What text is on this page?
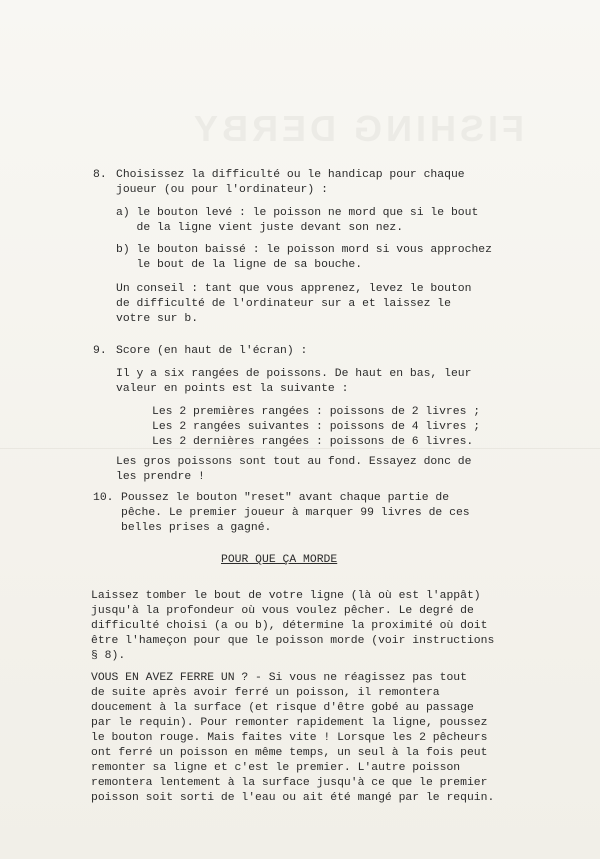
FISHING DERBY
8. Choisissez la difficulté ou le handicap pour chaque
joueur (ou pour l'ordinateur) :
a) le bouton levé : le poisson ne mord que si le bout
de la ligne vient juste devant son nez.
b) le bouton baissé : le poisson mord si vous approchez
le bout de la ligne de sa bouche.
Un conseil : tant que vous apprenez, levez le bouton
de difficulté de l'ordinateur sur a et laissez le
votre sur b.
9. Score (en haut de l'écran) :
Il y a six rangées de poissons. De haut en bas, leur
valeur en points est la suivante :
Les 2 premières rangées : poissons de 2 livres ;
Les 2 rangées suivantes : poissons de 4 livres ;
Les 2 dernières rangées : poissons de 6 livres.
Les gros poissons sont tout au fond. Essayez donc de
les prendre !
10. Poussez le bouton "reset" avant chaque partie de
pêche. Le premier joueur à marquer 99 livres de ces
belles prises a gagné.
POUR QUE ÇA MORDE
Laissez tomber le bout de votre ligne (là où est l'appât)
jusqu'à la profondeur où vous voulez pêcher. Le degré de
difficulté choisi (a ou b), détermine la proximité où doit
être l'hameçon pour que le poisson morde (voir instructions
§ 8).
VOUS EN AVEZ FERRE UN ? - Si vous ne réagissez pas tout
de suite après avoir ferré un poisson, il remontera
doucement à la surface (et risque d'être gobé au passage
par le requin). Pour remonter rapidement la ligne, poussez
le bouton rouge. Mais faites vite ! Lorsque les 2 pêcheurs
ont ferré un poisson en même temps, un seul à la fois peut
remonter sa ligne et c'est le premier. L'autre poisson
remontera lentement à la surface jusqu'à ce que le premier
poisson soit sorti de l'eau ou ait été mangé par le requin.
